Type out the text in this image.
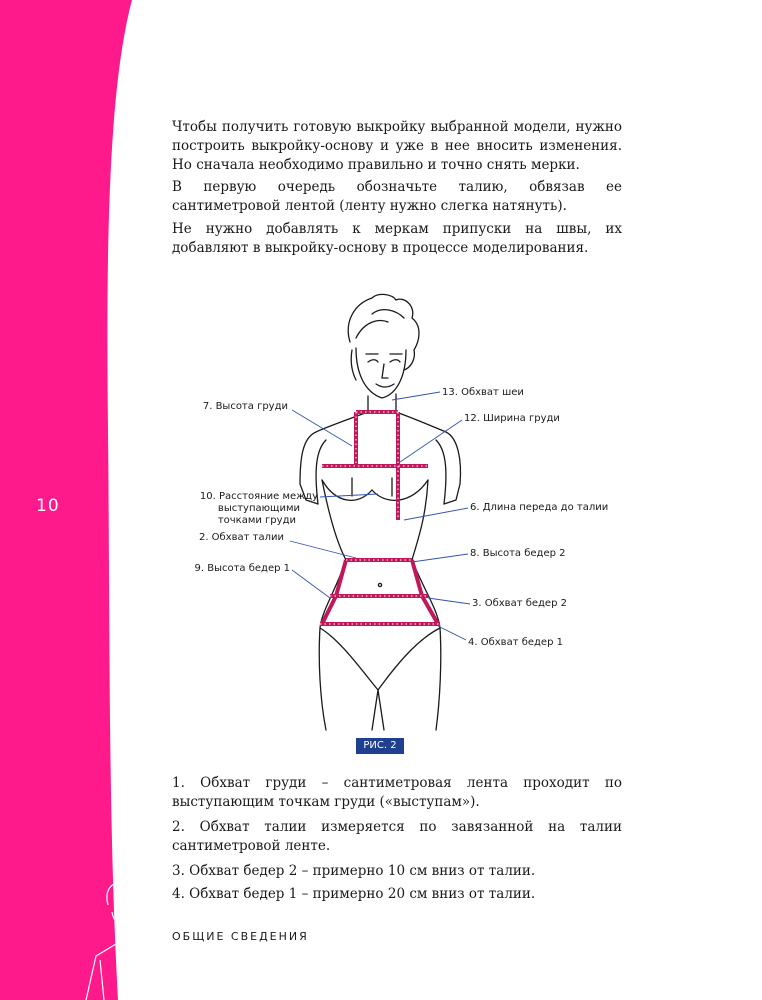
10

Чтобы получить готовую выкройку выбранной модели, нужно построить выкройку-основу и уже в нее вносить изменения. Но сначала необходимо правильно и точно снять мерки.

В первую очередь обозначьте талию, обвязав ее сантиметровой лентой (ленту нужно слегка натянуть).

Не нужно добавлять к меркам припуски на швы, их добавляют в выкройку-основу в процессе моделирования.

7. Высота груди
10. Расстояние между
выступающими
точками груди
2. Обхват талии
9. Высота бедер 1
13. Обхват шеи
12. Ширина груди
6. Длина переда до талии
8. Высота бедер 2
3. Обхват бедер 2
4. Обхват бедер 1
РИС. 2

1. Обхват груди – сантиметровая лента проходит по выступающим точкам груди («выступам»).

2. Обхват талии измеряется по завязанной на талии сантиметровой ленте.

3. Обхват бедер 2 – примерно 10 см вниз от талии.

4. Обхват бедер 1 – примерно 20 см вниз от талии.

ОБЩИЕ СВЕДЕНИЯ
